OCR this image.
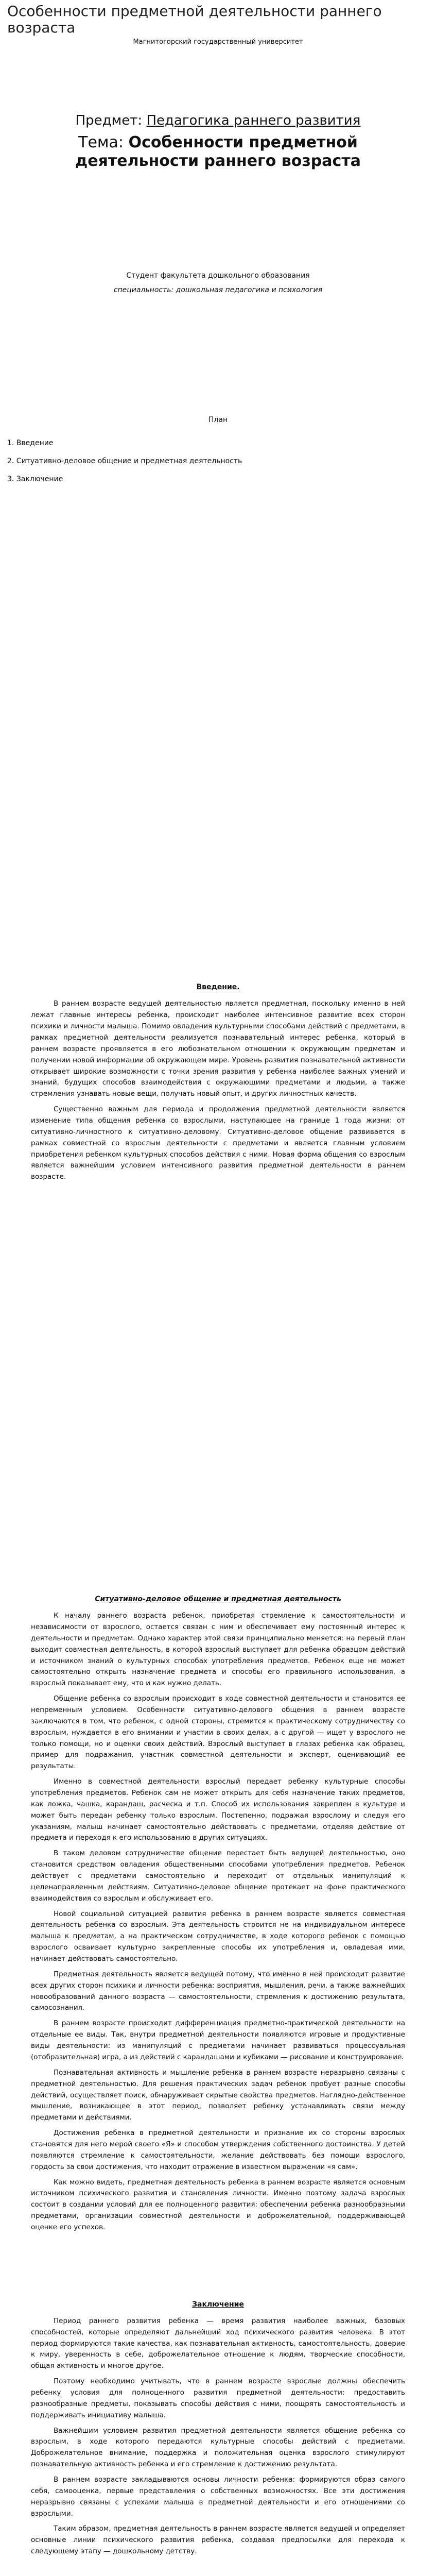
Особенности предметной деятельности раннего возраста

Магнитогорский государственный университет

Предмет: Педагогика раннего развития
Тема: Особенности предметной деятельности раннего возраста
Студент факультета дошкольного образования
специальность: дошкольная педагогика и психология
План
1. Введение
2. Ситуативно-деловое общение и предметная деятельность
3. Заключение
Введение.

В раннем возрасте ведущей деятельностью является предметная, поскольку именно в ней лежат главные интересы ребенка, происходит наиболее интенсивное развитие всех сторон психики и личности малыша. Помимо овладения культурными способами действий с предметами, в рамках предметной деятельности реализуется познавательный интерес ребенка, который в раннем возрасте проявляется в его любознательном отношении к окружающим предметам и получении новой информации об окружающем мире. Уровень развития познавательной активности открывает широкие возможности с точки зрения развития у ребенка наиболее важных умений и знаний, будущих способов взаимодействия с окружающими предметами и людьми, а также стремления узнавать новые вещи, получать новый опыт, и других личностных качеств.

Существенно важным для периода и продолжения предметной деятельности является изменение типа общения ребенка со взрослыми, наступающее на границе 1 года жизни: от ситуативно-личностного к ситуативно-деловому. Ситуативно-деловое общение развивается в рамках совместной со взрослым деятельности с предметами и является главным условием приобретения ребенком культурных способов действия с ними. Новая форма общения со взрослым является важнейшим условием интенсивного развития предметной деятельности в раннем возрасте.

Ситуативно-деловое общение и предметная деятельность

К началу раннего возраста ребенок, приобретая стремление к самостоятельности и независимости от взрослого, остается связан с ним и обеспечивает ему постоянный интерес к деятельности и предметам. Однако характер этой связи принципиально меняется: на первый план выходит совместная деятельность, в которой взрослый выступает для ребенка образцом действий и источником знаний о культурных способах употребления предметов. Ребенок еще не может самостоятельно открыть назначение предмета и способы его правильного использования, а взрослый показывает ему, что и как нужно делать.

Общение ребенка со взрослым происходит в ходе совместной деятельности и становится ее непременным условием. Особенности ситуативно-делового общения в раннем возрасте заключаются в том, что ребенок, с одной стороны, стремится к практическому сотрудничеству со взрослым, нуждается в его внимании и участии в своих делах, а с другой — ищет у взрослого не только помощи, но и оценки своих действий. Взрослый выступает в глазах ребенка как образец, пример для подражания, участник совместной деятельности и эксперт, оценивающий ее результаты.

Именно в совместной деятельности взрослый передает ребенку культурные способы употребления предметов. Ребенок сам не может открыть для себя назначение таких предметов, как ложка, чашка, карандаш, расческа и т.п. Способ их использования закреплен в культуре и может быть передан ребенку только взрослым. Постепенно, подражая взрослому и следуя его указаниям, малыш начинает самостоятельно действовать с предметами, отделяя действие от предмета и переходя к его использованию в других ситуациях.

В таком деловом сотрудничестве общение перестает быть ведущей деятельностью, оно становится средством овладения общественными способами употребления предметов. Ребенок действует с предметами самостоятельно и переходит от отдельных манипуляций к целенаправленным действиям. Ситуативно-деловое общение протекает на фоне практического взаимодействия со взрослым и обслуживает его.

Новой социальной ситуацией развития ребенка в раннем возрасте является совместная деятельность ребенка со взрослым. Эта деятельность строится не на индивидуальном интересе малыша к предметам, а на практическом сотрудничестве, в ходе которого ребенок с помощью взрослого осваивает культурно закрепленные способы их употребления и, овладевая ими, начинает действовать самостоятельно.

Предметная деятельность является ведущей потому, что именно в ней происходит развитие всех других сторон психики и личности ребенка: восприятия, мышления, речи, а также важнейших новообразований данного возраста — самостоятельности, стремления к достижению результата, самосознания.

В раннем возрасте происходит дифференциация предметно-практической деятельности на отдельные ее виды. Так, внутри предметной деятельности появляются игровые и продуктивные виды деятельности: из манипуляций с предметами начинает развиваться процессуальная (отобразительная) игра, а из действий с карандашами и кубиками — рисование и конструирование.

Познавательная активность и мышление ребенка в раннем возрасте неразрывно связаны с предметной деятельностью. Для решения практических задач ребенок пробует разные способы действий, осуществляет поиск, обнаруживает скрытые свойства предметов. Наглядно-действенное мышление, возникающее в этот период, позволяет ребенку устанавливать связи между предметами и действиями.

Достижения ребенка в предметной деятельности и признание их со стороны взрослых становятся для него мерой своего «Я» и способом утверждения собственного достоинства. У детей появляются стремление к самостоятельности, желание действовать без помощи взрослого, гордость за свои достижения, что находит отражение в известном выражении «я сам».

Как можно видеть, предметная деятельность ребенка в раннем возрасте является основным источником психического развития и становления личности. Именно поэтому задача взрослых состоит в создании условий для ее полноценного развития: обеспечении ребенка разнообразными предметами, организации совместной деятельности и доброжелательной, поддерживающей оценке его успехов.

Заключение

Период раннего развития ребенка — время развития наиболее важных, базовых способностей, которые определяют дальнейший ход психического развития человека. В этот период формируются такие качества, как познавательная активность, самостоятельность, доверие к миру, уверенность в себе, доброжелательное отношение к людям, творческие способности, общая активность и многое другое.

Поэтому необходимо учитывать, что в раннем возрасте взрослые должны обеспечить ребенку условия для полноценного развития предметной деятельности: предоставить разнообразные предметы, показывать способы действия с ними, поощрять самостоятельность и поддерживать инициативу малыша.

Важнейшим условием развития предметной деятельности является общение ребенка со взрослым, в ходе которого передаются культурные способы действий с предметами. Доброжелательное внимание, поддержка и положительная оценка взрослого стимулируют познавательную активность ребенка и его стремление к достижению результата.

В раннем возрасте закладываются основы личности ребенка: формируются образ самого себя, самооценка, первые представления о собственных возможностях. Все эти достижения неразрывно связаны с успехами малыша в предметной деятельности и его отношениями со взрослыми.

Таким образом, предметная деятельность в раннем возрасте является ведущей и определяет основные линии психического развития ребенка, создавая предпосылки для перехода к следующему этапу — дошкольному детству.
